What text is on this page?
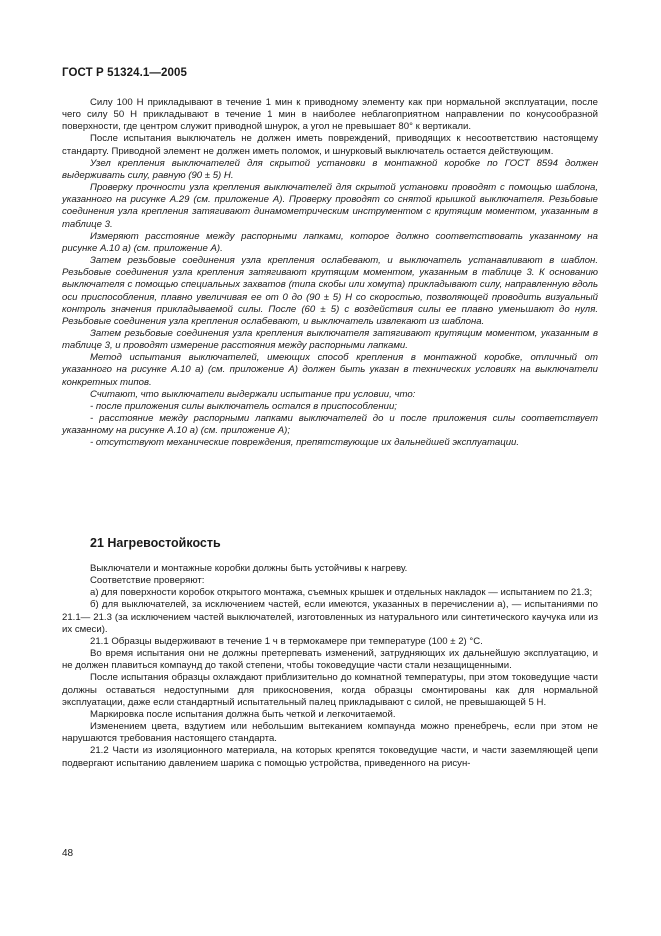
ГОСТ Р 51324.1—2005

Силу 100 Н прикладывают в течение 1 мин к приводному элементу как при нормальной эксплуатации, после чего силу 50 Н прикладывают в течение 1 мин в наиболее неблагоприятном направлении по конусообразной поверхности, где центром служит приводной шнурок, а угол не превышает 80° к вертикали.

После испытания выключатель не должен иметь повреждений, приводящих к несоответствию настоящему стандарту. Приводной элемент не должен иметь поломок, и шнурковый выключатель остается действующим.

Узел крепления выключателей для скрытой установки в монтажной коробке по ГОСТ 8594 должен выдерживать силу, равную (90 ± 5) Н.

Проверку прочности узла крепления выключателей для скрытой установки проводят с помощью шаблона, указанного на рисунке А.29 (см. приложение А). Проверку проводят со снятой крышкой выключателя. Резьбовые соединения узла крепления затягивают динамометрическим инструментом с крутящим моментом, указанным в таблице 3.

Измеряют расстояние между распорными лапками, которое должно соответствовать указанному на рисунке А.10 а) (см. приложение А).

Затем резьбовые соединения узла крепления ослабевают, и выключатель устанавливают в шаблон. Резьбовые соединения узла крепления затягивают крутящим моментом, указанным в таблице 3. К основанию выключателя с помощью специальных захватов (типа скобы или хомута) прикладывают силу, направленную вдоль оси приспособления, плавно увеличивая ее от 0 до (90 ± 5) Н со скоростью, позволяющей проводить визуальный контроль значения прикладываемой силы. После (60 ± 5) с воздействия силы ее плавно уменьшают до нуля. Резьбовые соединения узла крепления ослабевают, и выключатель извлекают из шаблона.

Затем резьбовые соединения узла крепления выключателя затягивают крутящим моментом, указанным в таблице 3, и проводят измерение расстояния между распорными лапками.

Метод испытания выключателей, имеющих способ крепления в монтажной коробке, отличный от указанного на рисунке А.10 а) (см. приложение А) должен быть указан в технических условиях на выключатели конкретных типов.

Считают, что выключатели выдержали испытание при условии, что:

- после приложения силы выключатель остался в приспособлении;

- расстояние между распорными лапками выключателей до и после приложения силы соответствует указанному на рисунке А.10 а) (см. приложение А);

- отсутствуют механические повреждения, препятствующие их дальнейшей эксплуатации.

21 Нагревостойкость

Выключатели и монтажные коробки должны быть устойчивы к нагреву.

Соответствие проверяют:

а) для поверхности коробок открытого монтажа, съемных крышек и отдельных накладок — испытанием по 21.3;

б) для выключателей, за исключением частей, если имеются, указанных в перечислении а), — испытаниями по 21.1— 21.3 (за исключением частей выключателей, изготовленных из натурального или синтетического каучука или из их смеси).

21.1 Образцы выдерживают в течение 1 ч в термокамере при температуре (100 ± 2) °С.

Во время испытания они не должны претерпевать изменений, затрудняющих их дальнейшую эксплуатацию, и не должен плавиться компаунд до такой степени, чтобы токоведущие части стали незащищенными.

После испытания образцы охлаждают приблизительно до комнатной температуры, при этом токоведущие части должны оставаться недоступными для прикосновения, когда образцы смонтированы как для нормальной эксплуатации, даже если стандартный испытательный палец прикладывают с силой, не превышающей 5 Н.

Маркировка после испытания должна быть четкой и легкочитаемой.

Изменением цвета, вздутием или небольшим вытеканием компаунда можно пренебречь, если при этом не нарушаются требования настоящего стандарта.

21.2 Части из изоляционного материала, на которых крепятся токоведущие части, и части заземляющей цепи подвергают испытанию давлением шарика с помощью устройства, приведенного на рисун-

48
